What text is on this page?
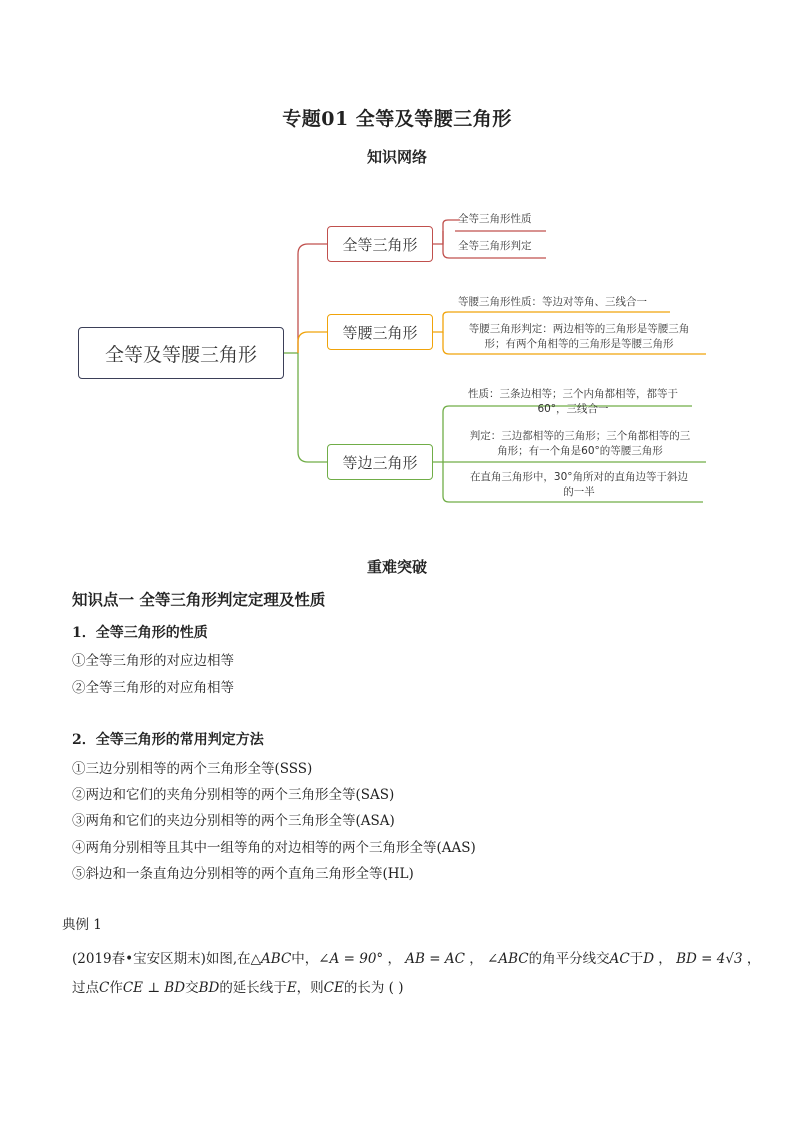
专题01 全等及等腰三角形
知识网络
全等及等腰三角形
全等三角形
等腰三角形
等边三角形
全等三角形性质
全等三角形判定
等腰三角形性质：等边对等角、三线合一
等腰三角形判定：两边相等的三角形是等腰三角
形；有两个角相等的三角形是等腰三角形
性质：三条边相等；三个内角都相等，都等于
60°，三线合一
判定：三边都相等的三角形；三个角都相等的三
角形；有一个角是60°的等腰三角形
在直角三角形中，30°角所对的直角边等于斜边
的一半
重难突破
知识点一 全等三角形判定定理及性质
1．全等三角形的性质
①全等三角形的对应边相等
②全等三角形的对应角相等
2．全等三角形的常用判定方法
①三边分别相等的两个三角形全等(SSS)
②两边和它们的夹角分别相等的两个三角形全等(SAS)
③两角和它们的夹边分别相等的两个三角形全等(ASA)
④两角分别相等且其中一组等角的对边相等的两个三角形全等(AAS)
⑤斜边和一条直角边分别相等的两个直角三角形全等(HL)
典例 1
(2019春•宝安区期末)如图,在△ABC中，∠A = 90° ， AB = AC ， ∠ABC的角平分线交AC于D ， BD = 4√3 ，
过点C作CE ⊥ BD交BD的延长线于E，则CE的长为 ( )
